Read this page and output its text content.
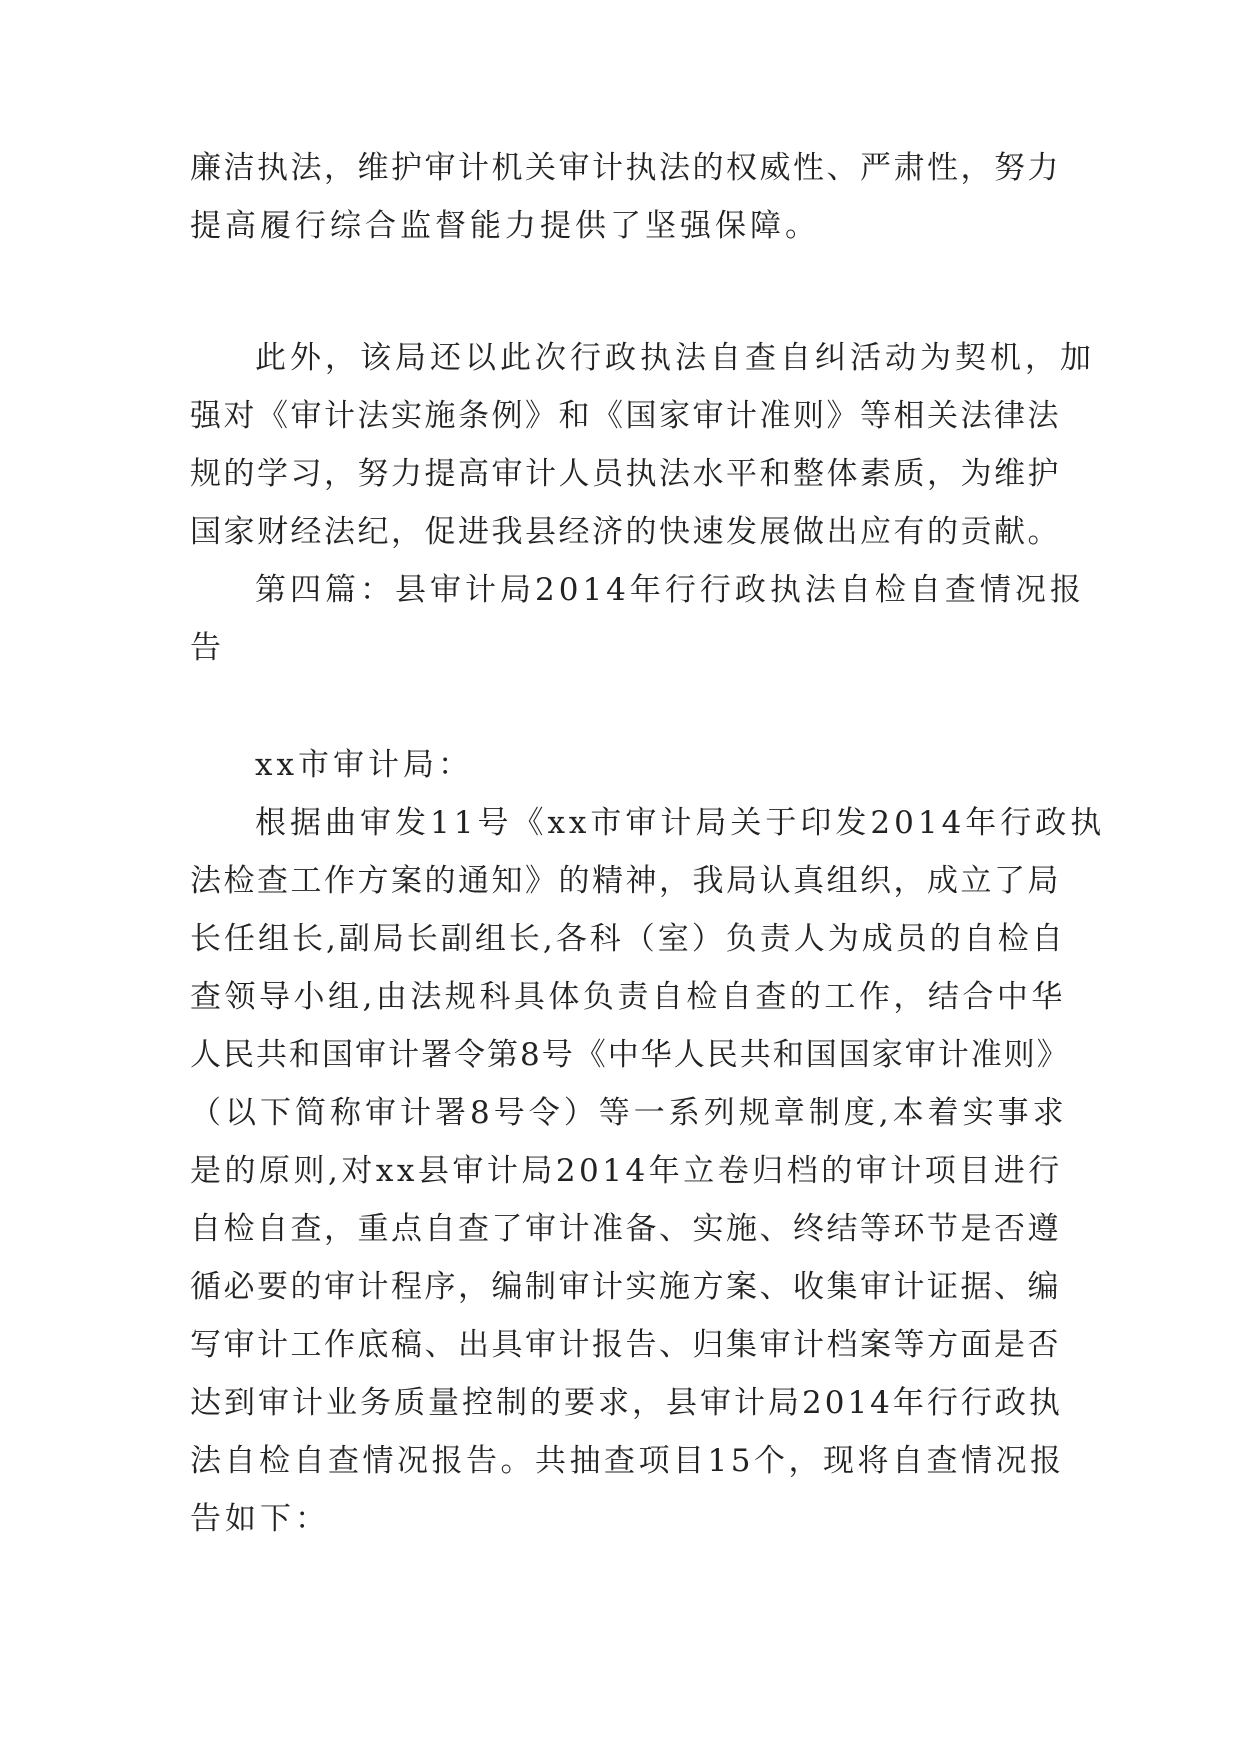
廉洁执法，维护审计机关审计执法的权威性、严肃性，努力
提高履行综合监督能力提供了坚强保障。
此外，该局还以此次行政执法自查自纠活动为契机，加
强对《审计法实施条例》和《国家审计准则》等相关法律法
规的学习，努力提高审计人员执法水平和整体素质，为维护
国家财经法纪，促进我县经济的快速发展做出应有的贡献。
第四篇：县审计局2014年行行政执法自检自查情况报
告
xx市审计局：
根据曲审发11号《xx市审计局关于印发2014年行政执
法检查工作方案的通知》的精神，我局认真组织，成立了局
长任组长,副局长副组长,各科（室）负责人为成员的自检自
查领导小组,由法规科具体负责自检自查的工作，结合中华
人民共和国审计署令第8号《中华人民共和国国家审计准则》
（以下简称审计署8号令）等一系列规章制度,本着实事求
是的原则,对xx县审计局2014年立卷归档的审计项目进行
自检自查，重点自查了审计准备、实施、终结等环节是否遵
循必要的审计程序，编制审计实施方案、收集审计证据、编
写审计工作底稿、出具审计报告、归集审计档案等方面是否
达到审计业务质量控制的要求，县审计局2014年行行政执
法自检自查情况报告。共抽查项目15个，现将自查情况报
告如下：
